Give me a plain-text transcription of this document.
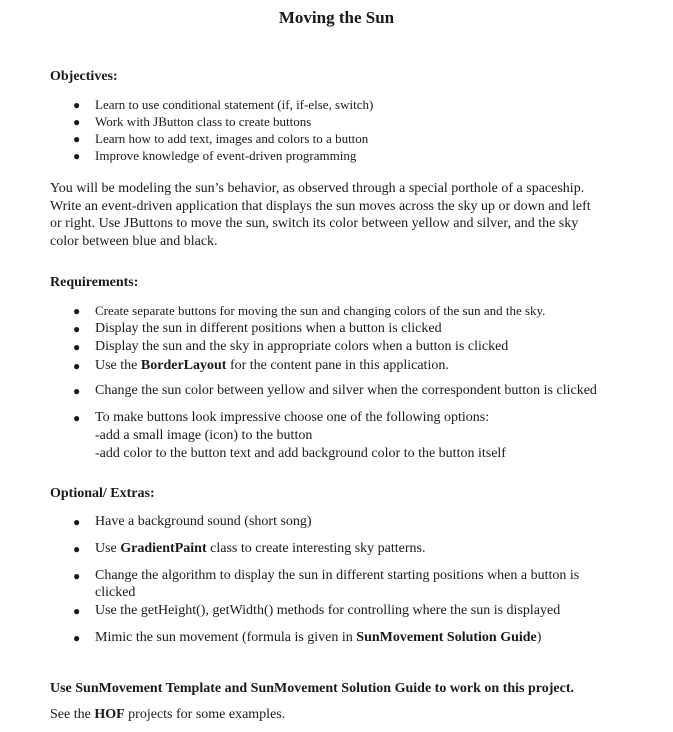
Moving the Sun
Objectives:
● Learn to use conditional statement (if, if-else, switch)
● Work with JButton class to create buttons
● Learn how to add text, images and colors to a button
● Improve knowledge of event-driven programming
You will be modeling the sun’s behavior, as observed through a special porthole of a spaceship.
Write an event-driven application that displays the sun moves across the sky up or down and left
or right. Use JButtons to move the sun, switch its color between yellow and silver, and the sky
color between blue and black.
Requirements:
● Create separate buttons for moving the sun and changing colors of the sun and the sky.
● Display the sun in different positions when a button is clicked
● Display the sun and the sky in appropriate colors when a button is clicked
● Use the BorderLayout for the content pane in this application.
● Change the sun color between yellow and silver when the correspondent button is clicked
● To make buttons look impressive choose one of the following options:
-add a small image (icon) to the button
-add color to the button text and add background color to the button itself
Optional/ Extras:
● Have a background sound (short song)
● Use GradientPaint class to create interesting sky patterns.
● Change the algorithm to display the sun in different starting positions when a button is
clicked
● Use the getHeight(), getWidth() methods for controlling where the sun is displayed
● Mimic the sun movement (formula is given in SunMovement Solution Guide)
Use SunMovement Template and SunMovement Solution Guide to work on this project.
See the HOF projects for some examples.
